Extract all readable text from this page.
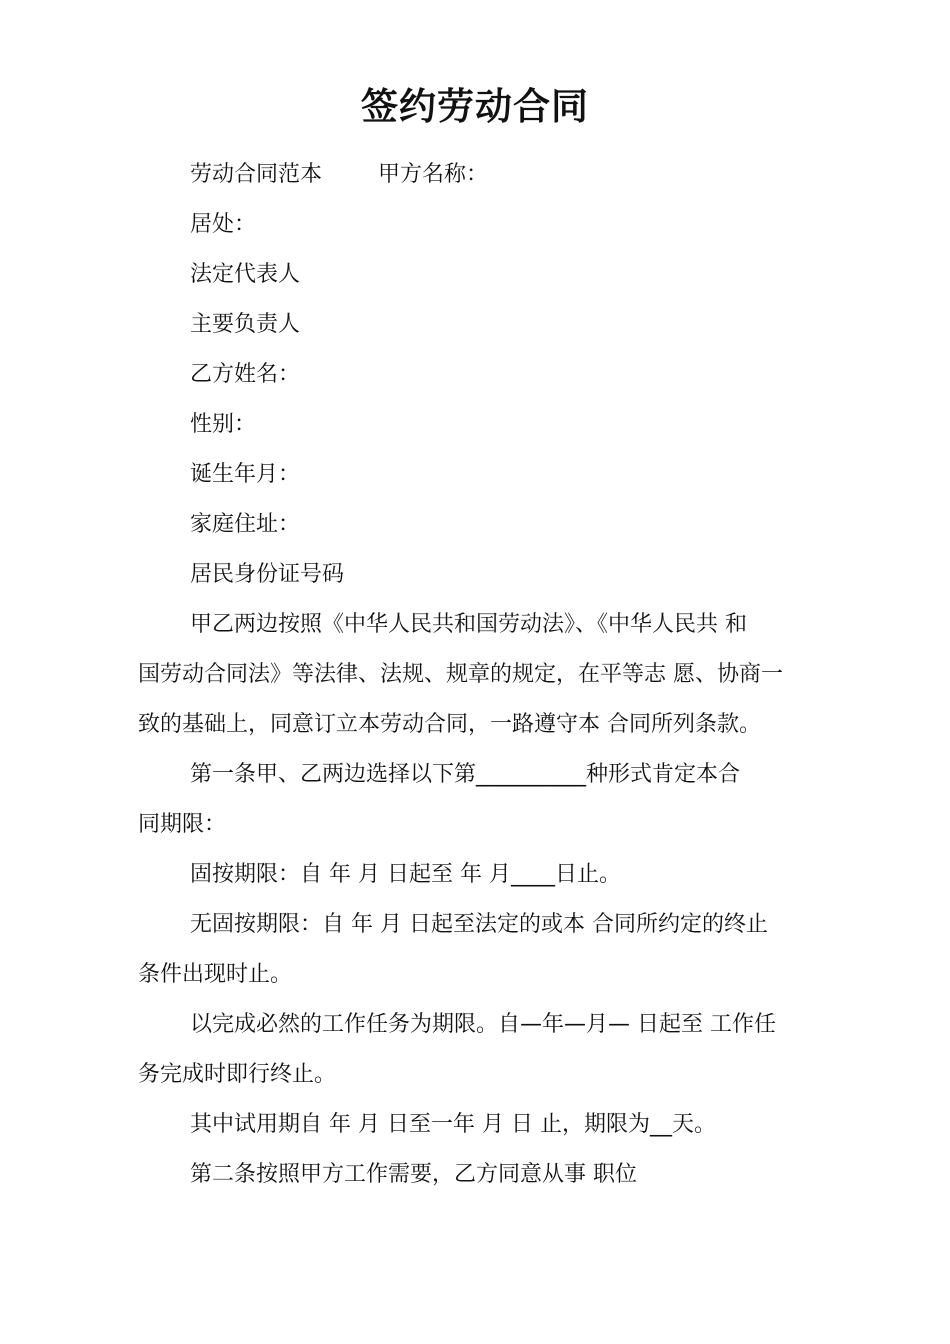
签约劳动合同
劳动合同范本	甲方名称：
居处：
法定代表人
主要负责人
乙方姓名：
性别：
诞生年月：
家庭住址：
居民身份证号码
甲乙两边按照《中华人民共和国劳动法》、《中华人民共 和
国劳动合同法》等法律、法规、规章的规定，在平等志 愿、协商一
致的基础上，同意订立本劳动合同，一路遵守本 合同所列条款。
第一条甲、乙两边选择以下第__________种形式肯定本合
同期限：
固按期限：自 年 月 日起至 年 月____日止。
无固按期限：自 年 月 日起至法定的或本 合同所约定的终止
条件出现时止。
以完成必然的工作任务为期限。自—年—月— 日起至 工作任
务完成时即行终止。
其中试用期自 年 月 日至一年 月 日 止，期限为__天。
第二条按照甲方工作需要，乙方同意从事 职位
